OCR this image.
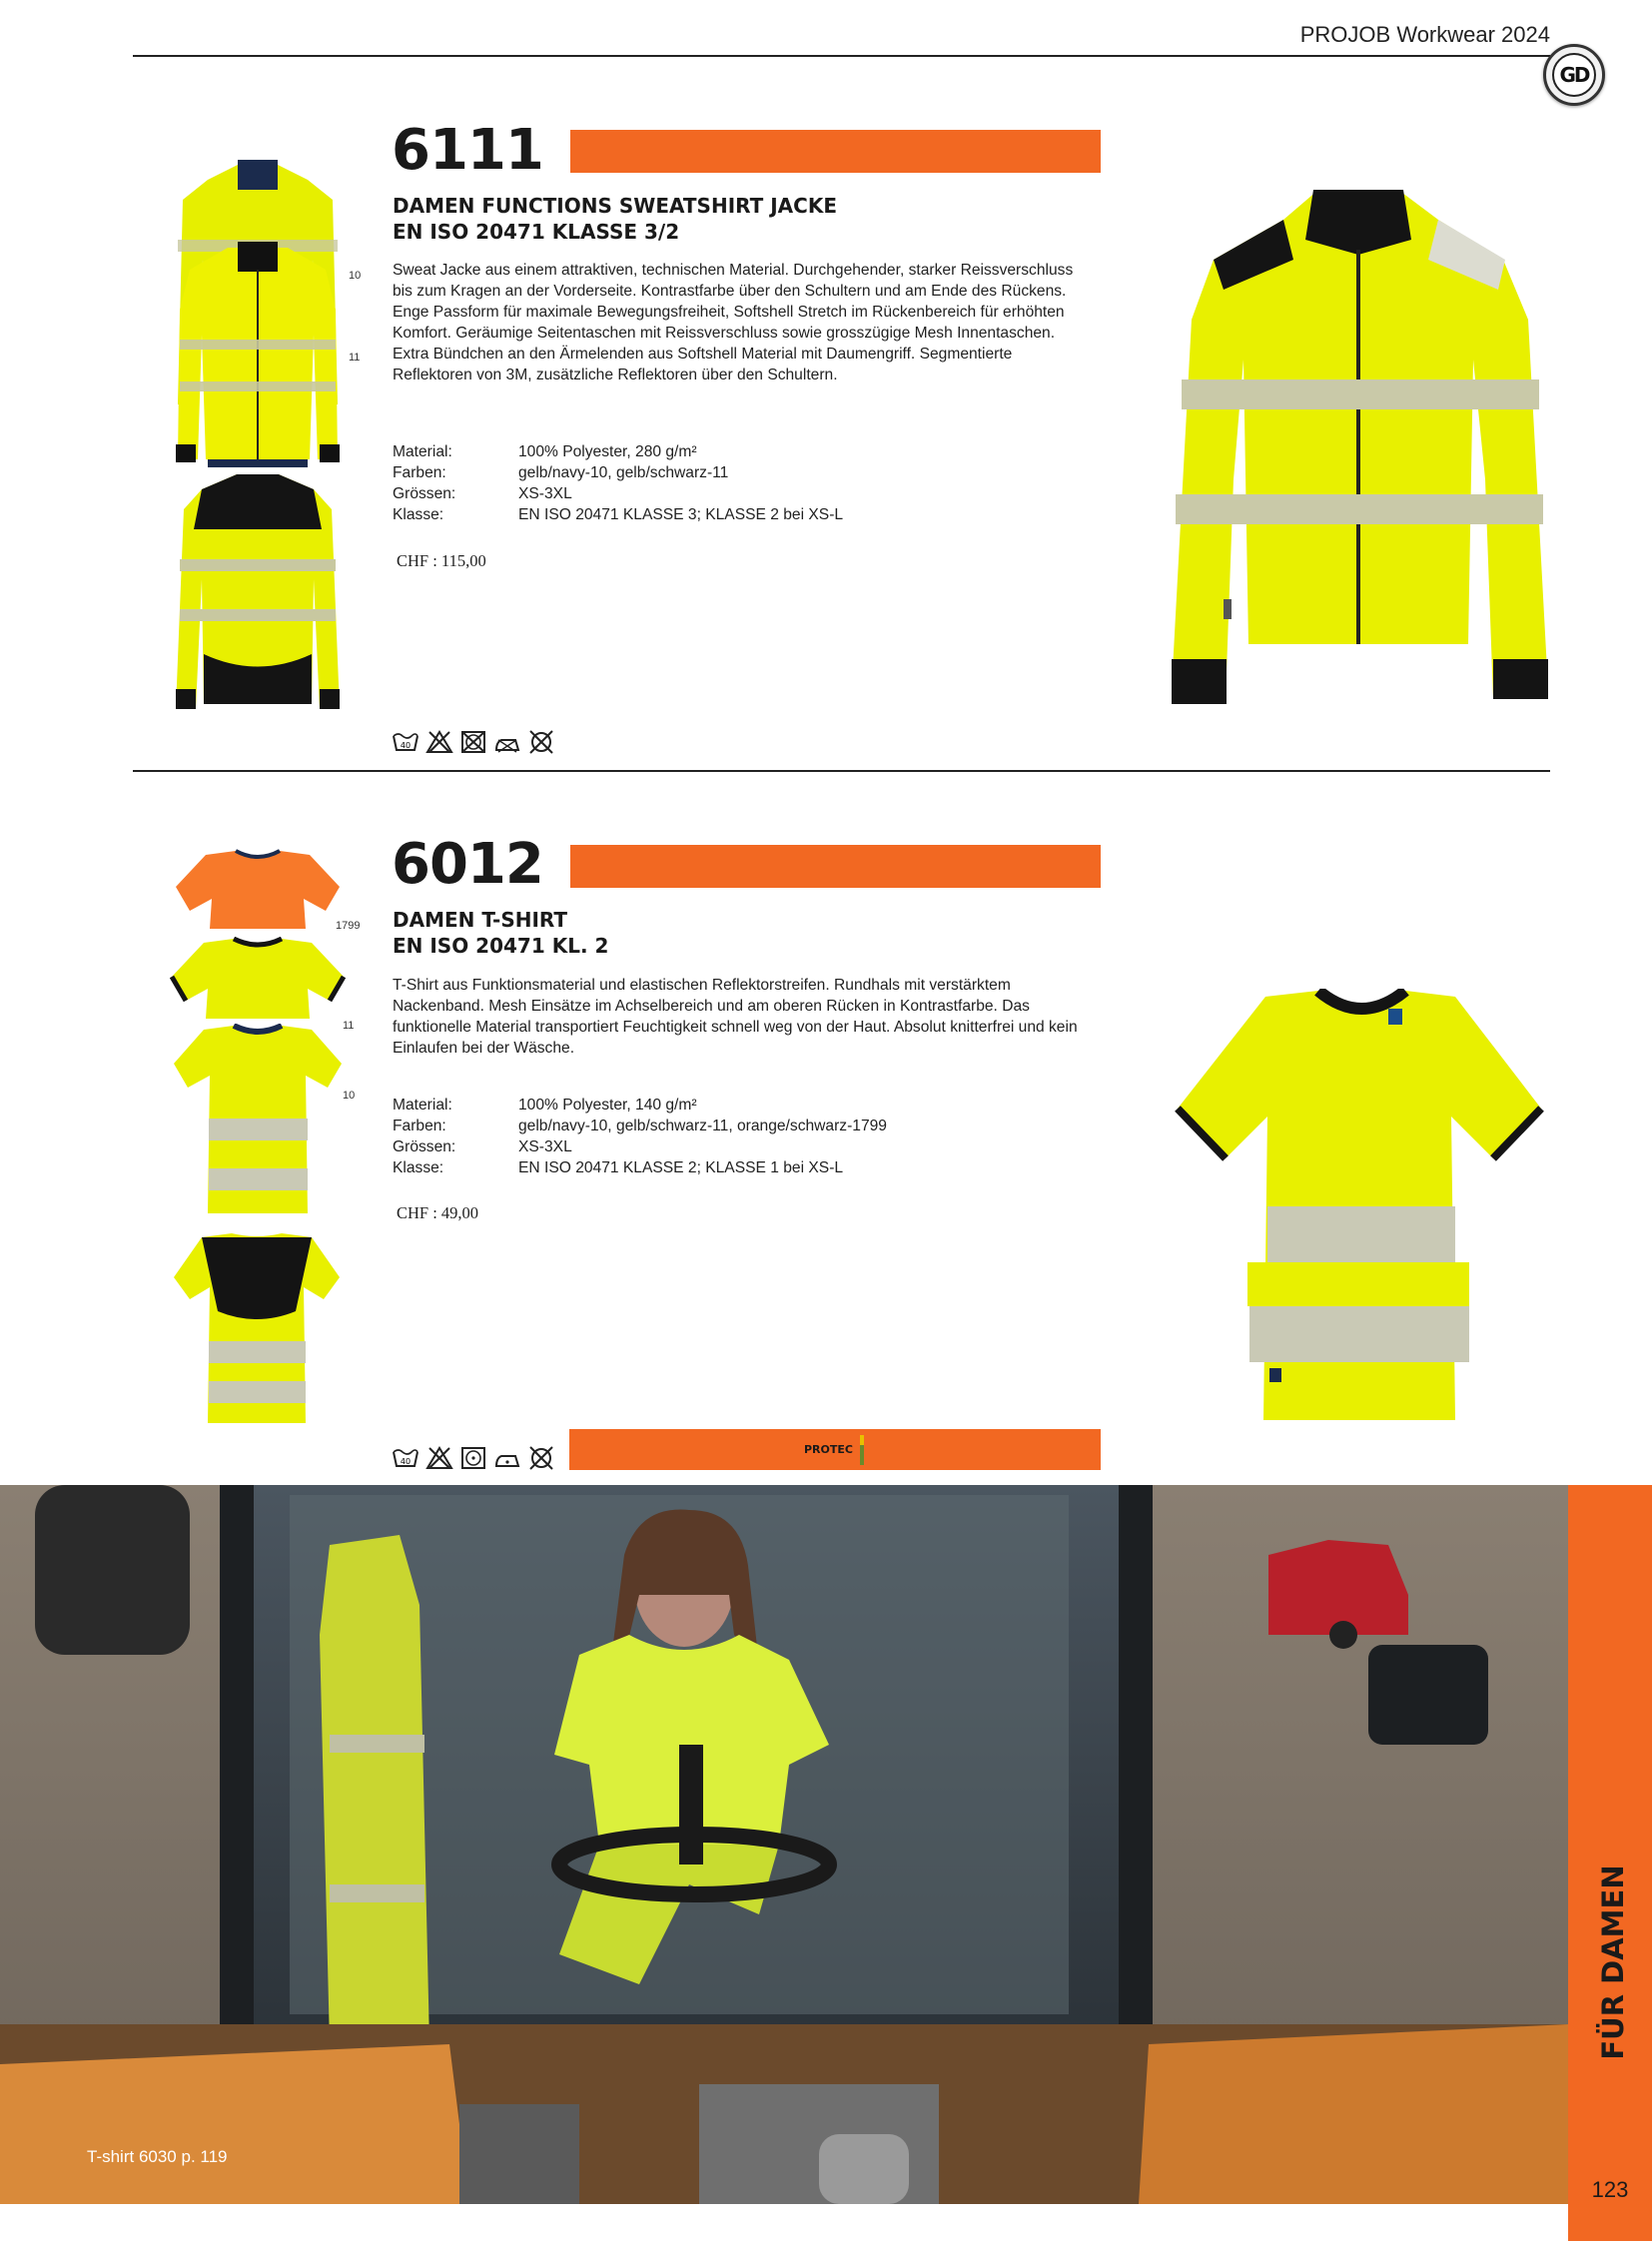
PROJOB Workwear 2024
GD
10
11
6111
DAMEN FUNCTIONS SWEATSHIRT JACKE
EN ISO 20471 KLASSE 3/2
Sweat Jacke aus einem attraktiven, technischen Material. Durchgehender, starker Reissverschluss bis zum Kragen an der Vorderseite. Kontrastfarbe über den Schultern und am Ende des Rückens. Enge Passform für maximale Bewegungsfreiheit, Softshell Stretch im Rückenbereich für erhöhten Komfort. Geräumige Seitentaschen mit Reissverschluss sowie grosszügige Mesh Innentaschen. Extra Bündchen an den Ärmelenden aus Softshell Material mit Daumengriff. Segmentierte Reflektoren von 3M, zusätzliche Reflektoren über den Schultern.
Material:	100% Polyester, 280 g/m²
Farben:	gelb/navy-10, gelb/schwarz-11
Grössen:	XS-3XL
Klasse:	EN ISO 20471 KLASSE 3; KLASSE 2 bei XS-L
CHF : 115,00
40
1799
11
10
6012
DAMEN T-SHIRT
EN ISO 20471 KL. 2
T-Shirt aus Funktionsmaterial und elastischen Reflektorstreifen. Rundhals mit verstärktem Nackenband. Mesh Einsätze im Achselbereich und am oberen Rücken in Kontrastfarbe. Das funktionelle Material transportiert Feuchtigkeit schnell weg von der Haut. Absolut knitterfrei und kein Einlaufen bei der Wäsche.
Material:	100% Polyester, 140 g/m²
Farben:	gelb/navy-10, gelb/schwarz-11, orange/schwarz-1799
Grössen:	XS-3XL
Klasse:	EN ISO 20471 KLASSE 2; KLASSE 1 bei XS-L
CHF : 49,00
40
PROTEC
T-shirt 6030 p. 119
FÜR DAMEN
123
